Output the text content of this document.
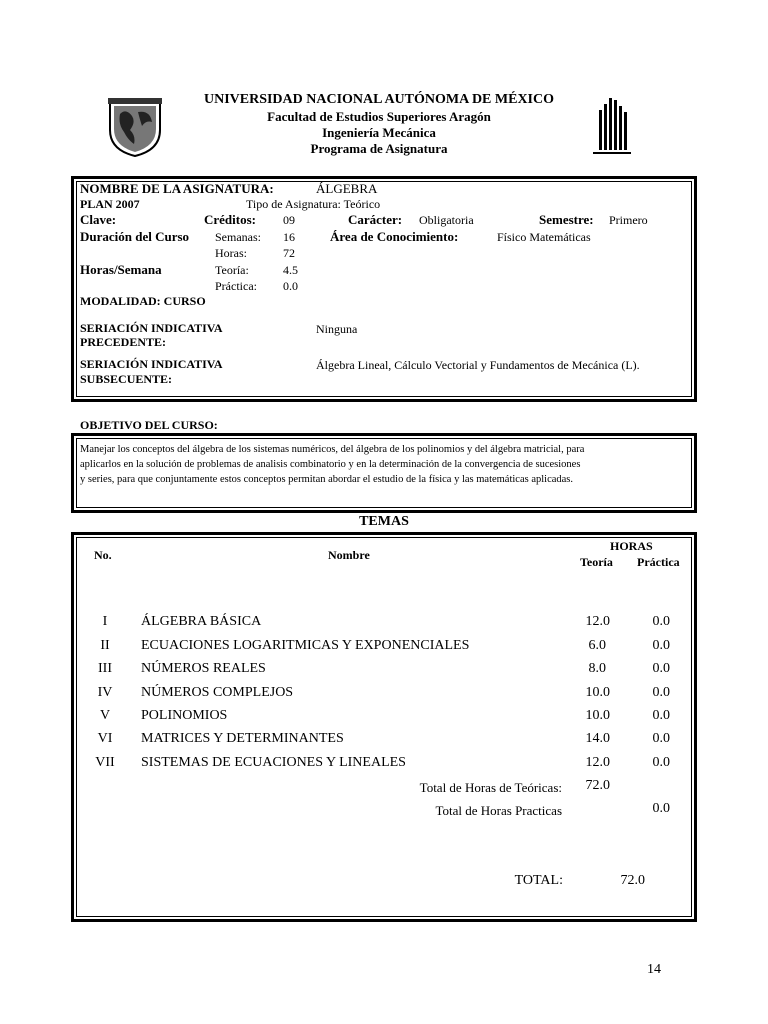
UNIVERSIDAD NACIONAL AUTÓNOMA DE MÉXICO
Facultad de Estudios Superiores Aragón
Ingeniería Mecánica
Programa de Asignatura
NOMBRE DE LA ASIGNATURA:	ÁLGEBRA
PLAN 2007	Tipo de Asignatura: Teórico
Clave:	Créditos: 09	Carácter: Obligatoria	Semestre: Primero
Duración del Curso Semanas: 16	Área de Conocimiento:	Físico Matemáticas
Horas:	72
Horas/Semana	Teoría:	4.5
Práctica: 0.0
MODALIDAD: CURSO
SERIACIÓN INDICATIVA
PRECEDENTE:
Ninguna
SERIACIÓN INDICATIVA
SUBSECUENTE:
Álgebra Lineal, Cálculo Vectorial y Fundamentos de Mecánica (L).
OBJETIVO DEL CURSO:
Manejar los conceptos del álgebra de los sistemas numéricos, del álgebra de los polinomios y del álgebra matricial, para
aplicarlos en la solución de problemas de analisis combinatorio y en la determinación de la convergencia de sucesiones
y series, para que conjuntamente estos conceptos permitan abordar el estudio de la física y las matemáticas aplicadas.
TEMAS
No.	Nombre
HORAS
Teoría Práctica
I	ÁLGEBRA BÁSICA	12.0	0.0
II	ECUACIONES LOGARITMICAS Y EXPONENCIALES	6.0	0.0
III	NÚMEROS REALES	8.0	0.0
IV	NÚMEROS COMPLEJOS	10.0	0.0
V	POLINOMIOS	10.0	0.0
VI	MATRICES Y DETERMINANTES	14.0	0.0
VII	SISTEMAS DE ECUACIONES Y LINEALES	12.0	0.0
Total de Horas de Teóricas:	72.0
Total de Horas Practicas	0.0
TOTAL:	72.0
14
